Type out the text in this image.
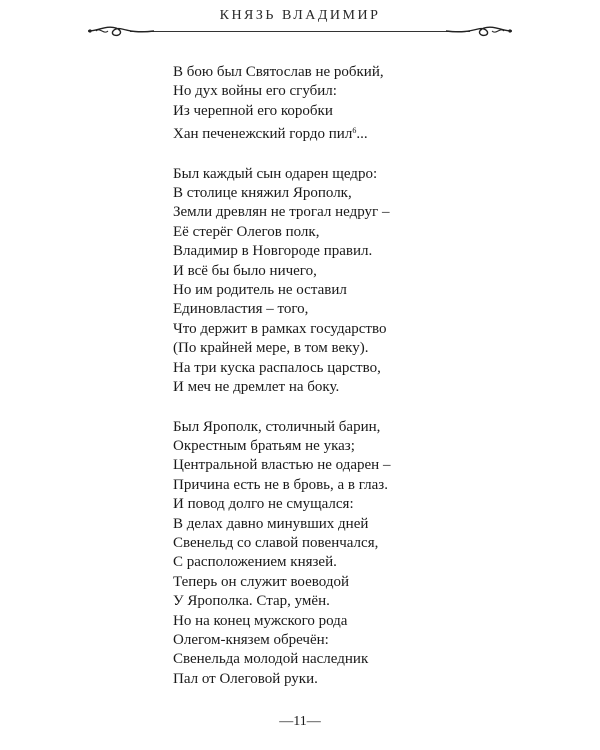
КНЯЗЬ ВЛАДИМИР
В бою был Святослав не робкий,
Но дух войны его сгубил:
Из черепной его коробки
Хан печенежский гордо пил$^6$...
Был каждый сын одарен щедро:
В столице княжил Ярополк,
Земли древлян не трогал недруг –
Её стерёг Олегов полк,
Владимир в Новгороде правил.
И всё бы было ничего,
Но им родитель не оставил
Единовластия – того,
Что держит в рамках государство
(По крайней мере, в том веку).
На три куска распалось царство,
И меч не дремлет на боку.
Был Ярополк, столичный барин,
Окрестным братьям не указ;
Центральной властью не одарен –
Причина есть не в бровь, а в глаз.
И повод долго не смущался:
В делах давно минувших дней
Свенельд со славой повенчался,
С расположением князей.
Теперь он служит воеводой
У Ярополка. Стар, умён.
Но на конец мужского рода
Олегом-князем обречён:
Свенельда молодой наследник
Пал от Олеговой руки.
—11—
